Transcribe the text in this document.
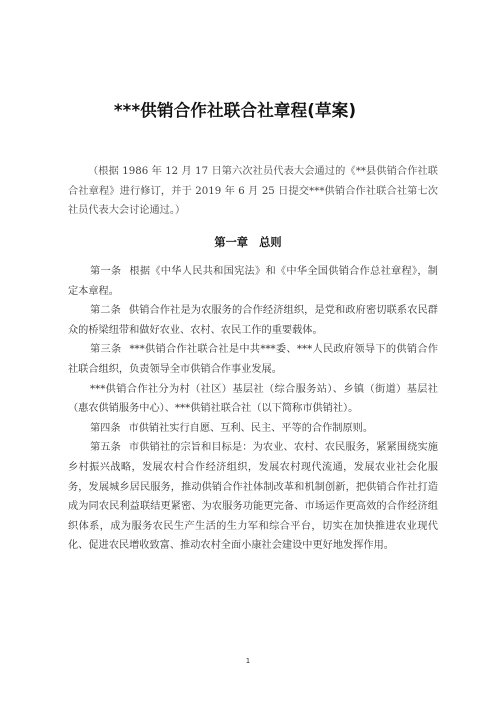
***供销合作社联合社章程(草案)
（根据 1986 年 12 月 17 日第六次社员代表大会通过的《**县供销合作社联合社章程》进行修订，并于 2019 年 6 月 25 日提交***供销合作社联合社第七次社员代表大会讨论通过。）
第一章　总则

第一条 根据《中华人民共和国宪法》和《中华全国供销合作总社章程》，制定本章程。

第二条 供销合作社是为农服务的合作经济组织，是党和政府密切联系农民群众的桥梁纽带和做好农业、农村、农民工作的重要载体。

第三条 ***供销合作社联合社是中共***委、***人民政府领导下的供销合作社联合组织，负责领导全市供销合作事业发展。

***供销合作社分为村（社区）基层社（综合服务站）、乡镇（街道）基层社（惠农供销服务中心）、***供销社联合社（以下简称市供销社）。

第四条 市供销社实行自愿、互利、民主、平等的合作制原则。

第五条 市供销社的宗旨和目标是：为农业、农村、农民服务，紧紧围绕实施乡村振兴战略，发展农村合作经济组织，发展农村现代流通，发展农业社会化服务，发展城乡居民服务，推动供销合作社体制改革和机制创新，把供销合作社打造成为同农民利益联结更紧密、为农服务功能更完备、市场运作更高效的合作经济组织体系，成为服务农民生产生活的生力军和综合平台，切实在加快推进农业现代化、促进农民增收致富、推动农村全面小康社会建设中更好地发挥作用。

1
